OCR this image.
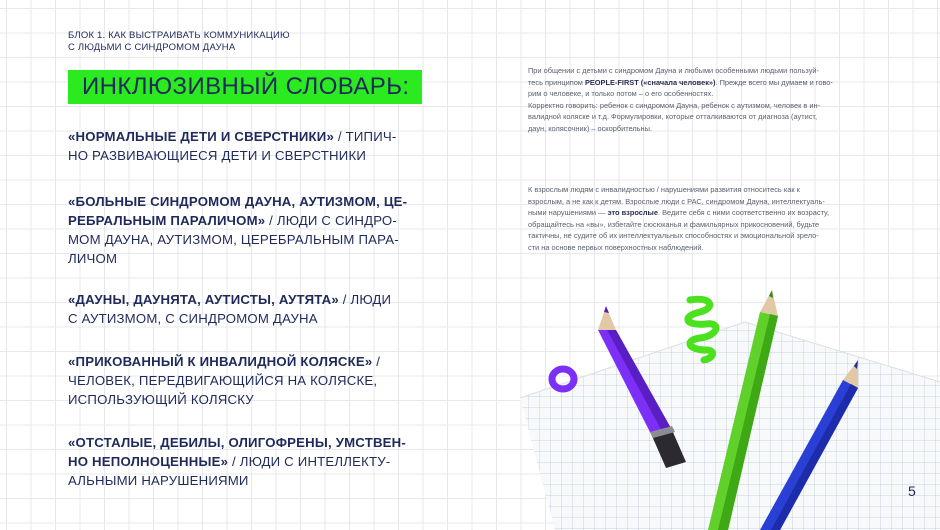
БЛОК 1. КАК ВЫСТРАИВАТЬ КОММУНИКАЦИЮ
С ЛЮДЬМИ С СИНДРОМОМ ДАУНА
ИНКЛЮЗИВНЫЙ СЛОВАРЬ:
«НОРМАЛЬНЫЕ ДЕТИ И СВЕРСТНИКИ» / ТИПИЧ-
НО РАЗВИВАЮЩИЕСЯ ДЕТИ И СВЕРСТНИКИ
«БОЛЬНЫЕ СИНДРОМОМ ДАУНА, АУТИЗМОМ, ЦЕ-
РЕБРАЛЬНЫМ ПАРАЛИЧОМ» / ЛЮДИ С СИНДРО-
МОМ ДАУНА, АУТИЗМОМ, ЦЕРЕБРАЛЬНЫМ ПАРА-
ЛИЧОМ
«ДАУНЫ, ДАУНЯТА, АУТИСТЫ, АУТЯТА» / ЛЮДИ
С АУТИЗМОМ, С СИНДРОМОМ ДАУНА
«ПРИКОВАННЫЙ К ИНВАЛИДНОЙ КОЛЯСКЕ» /
ЧЕЛОВЕК, ПЕРЕДВИГАЮЩИЙСЯ НА КОЛЯСКЕ,
ИСПОЛЬЗУЮЩИЙ КОЛЯСКУ
«ОТСТАЛЫЕ, ДЕБИЛЫ, ОЛИГОФРЕНЫ, УМСТВЕН-
НО НЕПОЛНОЦЕННЫЕ» / ЛЮДИ С ИНТЕЛЛЕКТУ-
АЛЬНЫМИ НАРУШЕНИЯМИ
При общении с детьми с синдромом Дауна и любыми особенными людьми пользуй-
тесь принципом PEOPLE-FIRST («сначала человек»). Прежде всего мы думаем и гово-
рим о человеке, и только потом – о его особенностях.
Корректно говорить: ребенок с синдромом Дауна, ребенок с аутизмом, человек в ин-
валидной коляске и т.д. Формулировки, которые отталкиваются от диагноза (аутист,
даун, колясочник) – оскорбительны.
К взрослым людям с инвалидностью / нарушениями развития относитесь как к
взрослым, а не как к детям. Взрослые люди с РАС, синдромом Дауна, интеллектуаль-
ными нарушениями — это взрослые. Ведите себя с ними соответственно их возрасту,
обращайтесь на «вы», избегайте сюсюканья и фамильярных прикосновений, будьте
тактичны, не судите об их интеллектуальных способностях и эмоциональной зрело-
сти на основе первых поверхностных наблюдений.
5
